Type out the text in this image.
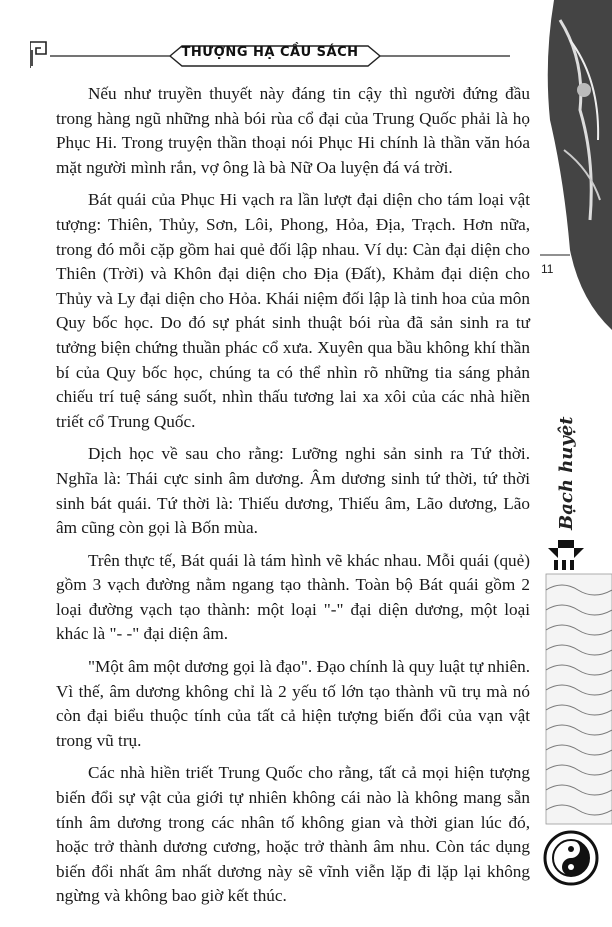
THƯỢNG HẠ CẦU SÁCH

Nếu như truyền thuyết này đáng tin cậy thì người đứng đầu trong hàng ngũ những nhà bói rùa cổ đại của Trung Quốc phải là họ Phục Hi. Trong truyện thần thoại nói Phục Hi chính là thần văn hóa mặt người mình rắn, vợ ông là bà Nữ Oa luyện đá vá trời.

Bát quái của Phục Hi vạch ra lần lượt đại diện cho tám loại vật tượng: Thiên, Thủy, Sơn, Lôi, Phong, Hỏa, Địa, Trạch. Hơn nữa, trong đó mỗi cặp gồm hai quẻ đối lập nhau. Ví dụ: Càn đại diện cho Thiên (Trời) và Khôn đại diện cho Địa (Đất), Khảm đại diện cho Thủy và Ly đại diện cho Hỏa. Khái niệm đối lập là tinh hoa của môn Quy bốc học. Do đó sự phát sinh thuật bói rùa đã sản sinh ra tư tưởng biện chứng thuần phác cổ xưa. Xuyên qua bầu không khí thần bí của Quy bốc học, chúng ta có thể nhìn rõ những tia sáng phản chiếu trí tuệ sáng suốt, nhìn thấu tương lai xa xôi của các nhà hiền triết cổ Trung Quốc.

Dịch học về sau cho rằng: Lưỡng nghi sản sinh ra Tứ thời. Nghĩa là: Thái cực sinh âm dương. Âm dương sinh tứ thời, tứ thời sinh bát quái. Tứ thời là: Thiếu dương, Thiếu âm, Lão dương, Lão âm cũng còn gọi là Bốn mùa.

Trên thực tế, Bát quái là tám hình vẽ khác nhau. Mỗi quái (quẻ) gồm 3 vạch đường nằm ngang tạo thành. Toàn bộ Bát quái gồm 2 loại đường vạch tạo thành: một loại "-" đại diện dương, một loại khác là "- -" đại diện âm.

"Một âm một dương gọi là đạo". Đạo chính là quy luật tự nhiên. Vì thế, âm dương không chỉ là 2 yếu tố lớn tạo thành vũ trụ mà nó còn đại biểu thuộc tính của tất cả hiện tượng biến đổi của vạn vật trong vũ trụ.

Các nhà hiền triết Trung Quốc cho rằng, tất cả mọi hiện tượng biến đổi sự vật của giới tự nhiên không cái nào là không mang sẵn tính âm dương trong các nhân tố không gian và thời gian lúc đó, hoặc trở thành dương cương, hoặc trở thành âm nhu. Còn tác dụng biến đổi nhất âm nhất dương này sẽ vĩnh viễn lặp đi lặp lại không ngừng và không bao giờ kết thúc.

11
Bạch huyệt
